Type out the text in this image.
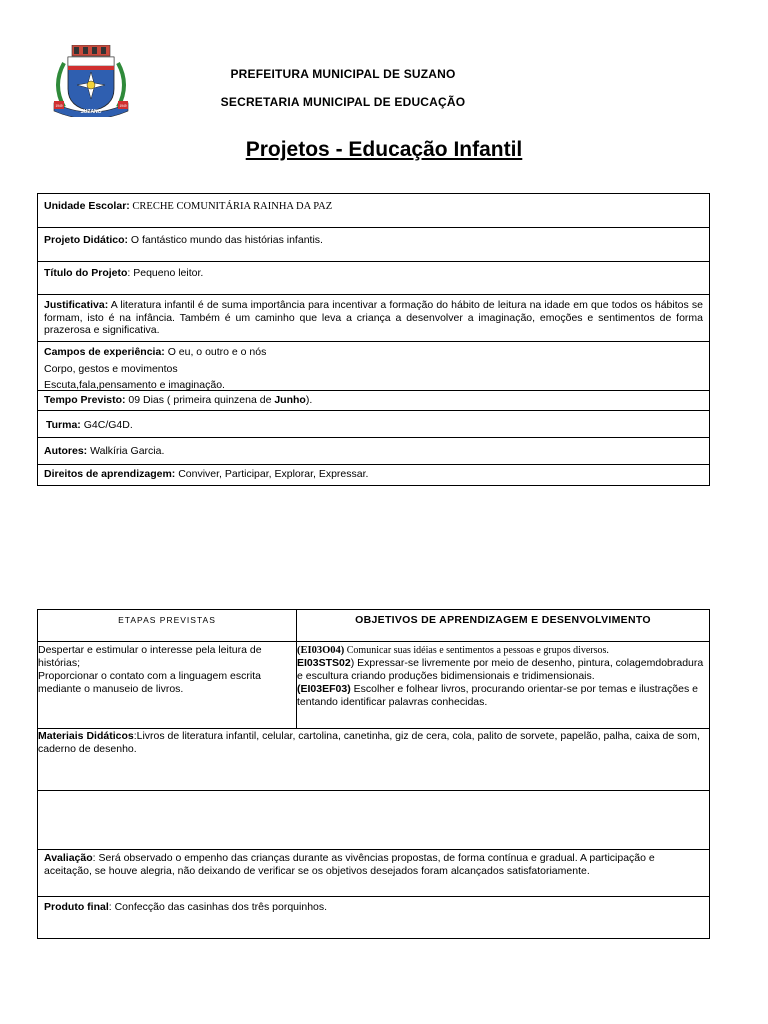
SUZANO
1949	1949
PREFEITURA MUNICIPAL DE SUZANO
SECRETARIA MUNICIPAL DE EDUCAÇÃO
Projetos - Educação Infantil
Unidade Escolar: CRECHE COMUNITÁRIA RAINHA DA PAZ
Projeto Didático: O fantástico mundo das histórias infantis.
Título do Projeto: Pequeno leitor.
Justificativa: A literatura infantil é de suma importância para incentivar a formação do hábito de leitura na idade em que todos os hábitos se formam, isto é na infância. Também é um caminho que leva a criança a desenvolver a imaginação, emoções e sentimentos de forma prazerosa e significativa.
Campos de experiência: O eu, o outro e o nós
Corpo, gestos e movimentos
Escuta,fala,pensamento e imaginação.
Tempo Previsto: 09 Dias ( primeira quinzena de Junho).
Turma: G4C/G4D.
Autores: Walkíria Garcia.
Direitos de aprendizagem: Conviver, Participar, Explorar, Expressar.
ETAPAS PREVISTAS	OBJETIVOS DE APRENDIZAGEM E DESENVOLVIMENTO
Despertar e estimular o interesse pela leitura de histórias;
Proporcionar o contato com a linguagem escrita mediante o manuseio de livros.
(EI03O04) Comunicar suas idéias e sentimentos a pessoas e grupos diversos.
EI03STS02) Expressar-se livremente por meio de desenho, pintura, colagemdobradura e escultura criando produções bidimensionais e tridimensionais.
(EI03EF03) Escolher e folhear livros, procurando orientar-se por temas e ilustrações e tentando identificar palavras conhecidas.
Materiais Didáticos:Livros de literatura infantil, celular, cartolina, canetinha, giz de cera, cola, palito de sorvete, papelão, palha, caixa de som, caderno de desenho.
Avaliação: Será observado o empenho das crianças durante as vivências propostas, de forma contínua e gradual. A participação e aceitação, se houve alegria, não deixando de verificar se os objetivos desejados foram alcançados satisfatoriamente.
Produto final: Confecção das casinhas dos três porquinhos.
